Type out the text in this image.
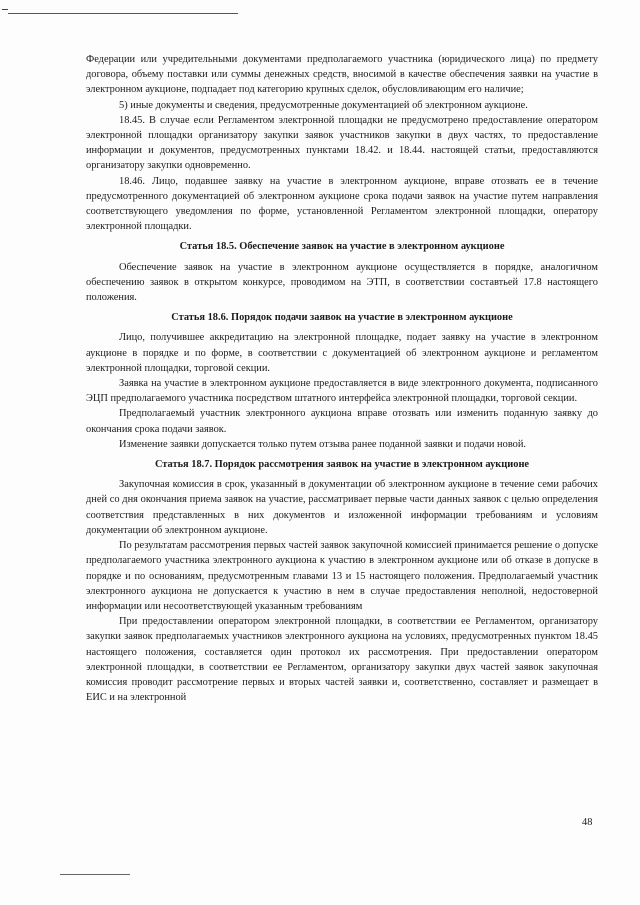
Федерации или учредительными документами предполагаемого участника (юридического лица) по предмету договора, объему поставки или суммы денежных средств, вносимой в качестве обеспечения заявки на участие в электронном аукционе, подпадает под категорию крупных сделок, обусловливающим его наличие;

5) иные документы и сведения, предусмотренные документацией об электронном аукционе.

18.45. В случае если Регламентом электронной площадки не предусмотрено предоставление оператором электронной площадки организатору закупки заявок участников закупки в двух частях, то предоставление информации и документов, предусмотренных пунктами 18.42. и 18.44. настоящей статьи, предоставляются организатору закупки одновременно.

18.46. Лицо, подавшее заявку на участие в электронном аукционе, вправе отозвать ее в течение предусмотренного документацией об электронном аукционе срока подачи заявок на участие путем направления соответствующего уведомления по форме, установленной Регламентом электронной площадки, оператору электронной площадки.

Статья 18.5. Обеспечение заявок на участие в электронном аукционе

Обеспечение заявок на участие в электронном аукционе осуществляется в порядке, аналогичном обеспечению заявок в открытом конкурсе, проводимом на ЭТП, в соответствии составтьей 17.8 настоящего положения.

Статья 18.6. Порядок подачи заявок на участие в электронном аукционе

Лицо, получившее аккредитацию на электронной площадке, подает заявку на участие в электронном аукционе в порядке и по форме, в соответствии с документацией об электронном аукционе и регламентом электронной площадки, торговой секции.

Заявка на участие в электронном аукционе предоставляется в виде электронного документа, подписанного ЭЦП предполагаемого участника посредством штатного интерфейса электронной площадки, торговой секции.

Предполагаемый участник электронного аукциона вправе отозвать или изменить поданную заявку до окончания срока подачи заявок.

Изменение заявки допускается только путем отзыва ранее поданной заявки и подачи новой.

Статья 18.7. Порядок рассмотрения заявок на участие в электронном аукционе

Закупочная комиссия в срок, указанный в документации об электронном аукционе в течение семи рабочих дней со дня окончания приема заявок на участие, рассматривает первые части данных заявок с целью определения соответствия представленных в них документов и изложенной информации требованиям и условиям документации об электронном аукционе.

По результатам рассмотрения первых частей заявок закупочной комиссией принимается решение о допуске предполагаемого участника электронного аукциона к участию в электронном аукционе или об отказе в допуске в порядке и по основаниям, предусмотренным главами 13 и 15 настоящего положения. Предполагаемый участник электронного аукциона не допускается к участию в нем в случае предоставления неполной, недостоверной информации или несоответствующей указанным требованиям

При предоставлении оператором электронной площадки, в соответствии ее Регламентом, организатору закупки заявок предполагаемых участников электронного аукциона на условиях, предусмотренных пунктом 18.45 настоящего положения, составляется один протокол их рассмотрения. При предоставлении оператором электронной площадки, в соответствии ее Регламентом, организатору закупки двух частей заявок закупочная комиссия проводит рассмотрение первых и вторых частей заявки и, соответственно, составляет и размещает в ЕИС и на электронной

48
